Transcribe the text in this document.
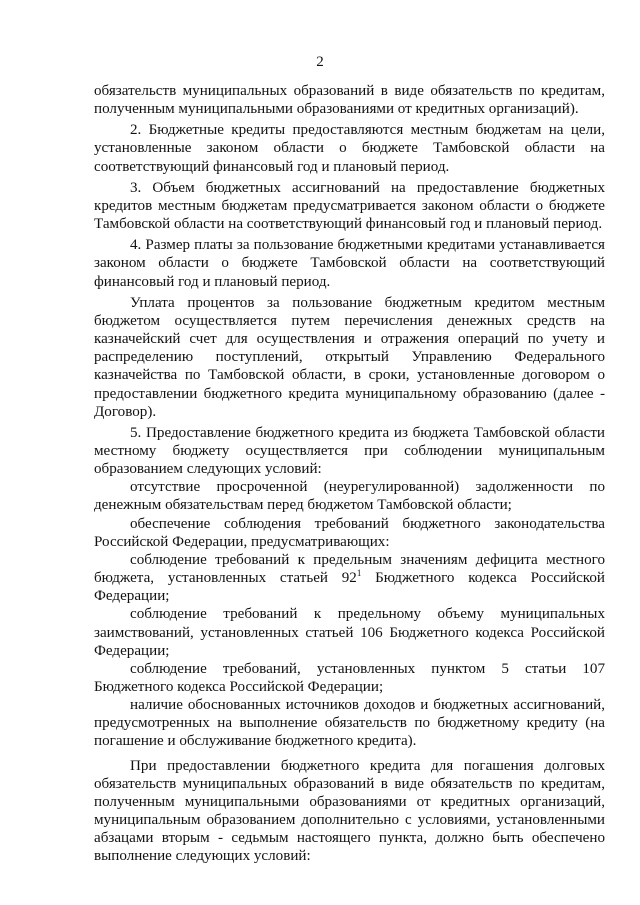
2

обязательств муниципальных образований в виде обязательств по кредитам, полученным муниципальными образованиями от кредитных организаций).

2. Бюджетные кредиты предоставляются местным бюджетам на цели, установленные законом области о бюджете Тамбовской области на соответствующий финансовый год и плановый период.

3. Объем бюджетных ассигнований на предоставление бюджетных кредитов местным бюджетам предусматривается законом области о бюджете Тамбовской области на соответствующий финансовый год и плановый период.

4. Размер платы за пользование бюджетными кредитами устанавливается законом области о бюджете Тамбовской области на соответствующий финансовый год и плановый период.

Уплата процентов за пользование бюджетным кредитом местным бюджетом осуществляется путем перечисления денежных средств на казначейский счет для осуществления и отражения операций по учету и распределению поступлений, открытый Управлению Федерального казначейства по Тамбовской области, в сроки, установленные договором о предоставлении бюджетного кредита муниципальному образованию (далее - Договор).

5. Предоставление бюджетного кредита из бюджета Тамбовской области местному бюджету осуществляется при соблюдении муниципальным образованием следующих условий:

отсутствие просроченной (неурегулированной) задолженности по денежным обязательствам перед бюджетом Тамбовской области;

обеспечение соблюдения требований бюджетного законодательства Российской Федерации, предусматривающих:

соблюдение требований к предельным значениям дефицита местного бюджета, установленных статьей $92^1$ Бюджетного кодекса Российской Федерации;

соблюдение требований к предельному объему муниципальных заимствований, установленных статьей 106 Бюджетного кодекса Российской Федерации;

соблюдение требований, установленных пунктом 5 статьи 107 Бюджетного кодекса Российской Федерации;

наличие обоснованных источников доходов и бюджетных ассигнований, предусмотренных на выполнение обязательств по бюджетному кредиту (на погашение и обслуживание бюджетного кредита).

При предоставлении бюджетного кредита для погашения долговых обязательств муниципальных образований в виде обязательств по кредитам, полученным муниципальными образованиями от кредитных организаций, муниципальным образованием дополнительно с условиями, установленными абзацами вторым - седьмым настоящего пункта, должно быть обеспечено выполнение следующих условий:
